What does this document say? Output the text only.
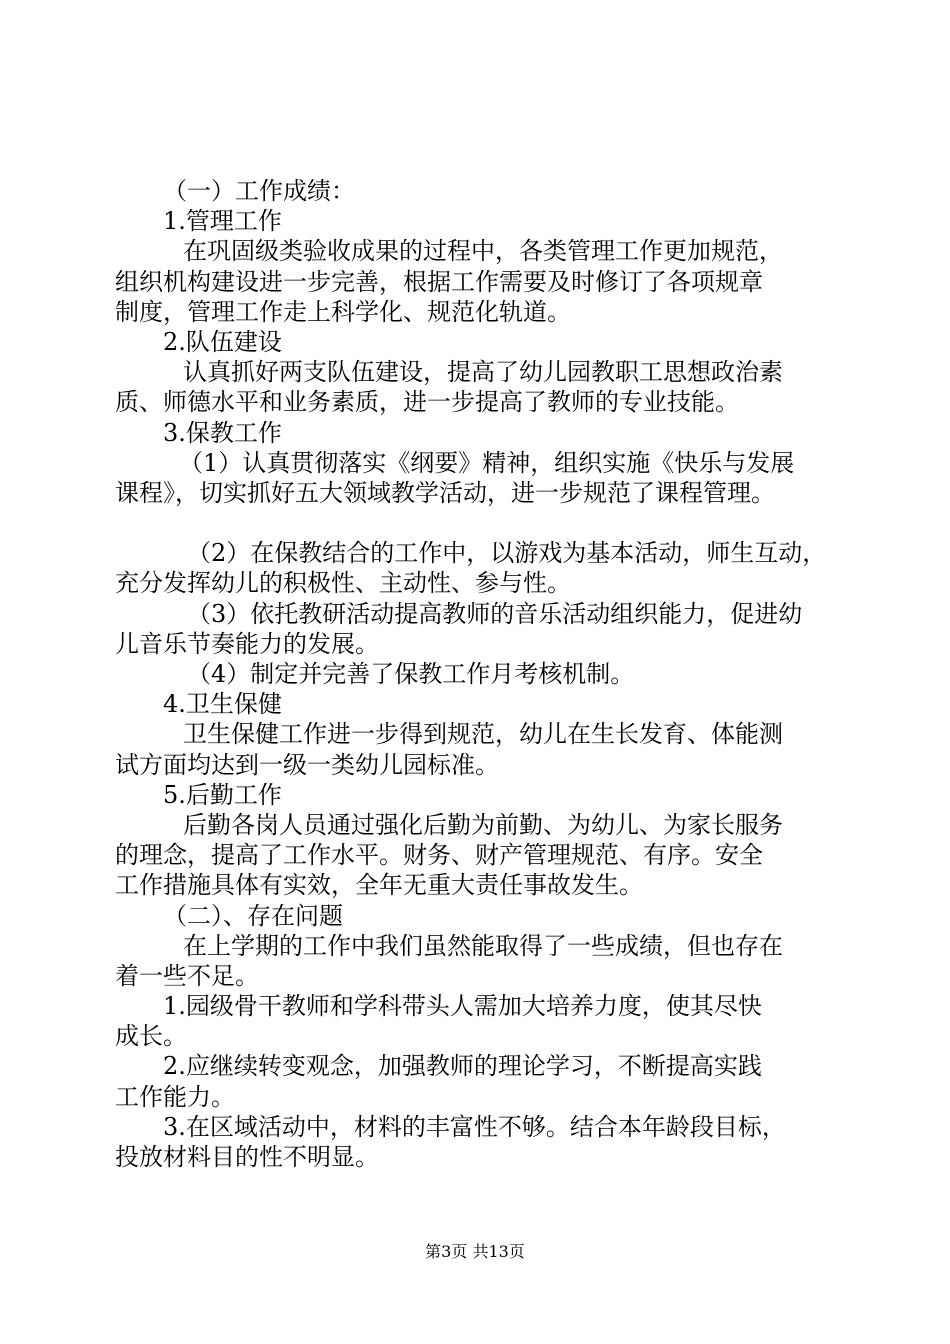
（一）工作成绩：
1.管理工作
在巩固级类验收成果的过程中，各类管理工作更加规范，
组织机构建设进一步完善，根据工作需要及时修订了各项规章
制度，管理工作走上科学化、规范化轨道。
2.队伍建设
认真抓好两支队伍建设，提高了幼儿园教职工思想政治素
质、师德水平和业务素质，进一步提高了教师的专业技能。
3.保教工作
（1）认真贯彻落实《纲要》精神，组织实施《快乐与发展
课程》，切实抓好五大领域教学活动，进一步规范了课程管理。
（2）在保教结合的工作中，以游戏为基本活动，师生互动，
充分发挥幼儿的积极性、主动性、参与性。
（3）依托教研活动提高教师的音乐活动组织能力，促进幼
儿音乐节奏能力的发展。
（4）制定并完善了保教工作月考核机制。
4.卫生保健
卫生保健工作进一步得到规范，幼儿在生长发育、体能测
试方面均达到一级一类幼儿园标准。
5.后勤工作
后勤各岗人员通过强化后勤为前勤、为幼儿、为家长服务
的理念，提高了工作水平。财务、财产管理规范、有序。安全
工作措施具体有实效，全年无重大责任事故发生。
（二）、存在问题
在上学期的工作中我们虽然能取得了一些成绩，但也存在
着一些不足。
1.园级骨干教师和学科带头人需加大培养力度，使其尽快
成长。
2.应继续转变观念，加强教师的理论学习，不断提高实践
工作能力。
3.在区域活动中，材料的丰富性不够。结合本年龄段目标，
投放材料目的性不明显。
第3页 共13页
